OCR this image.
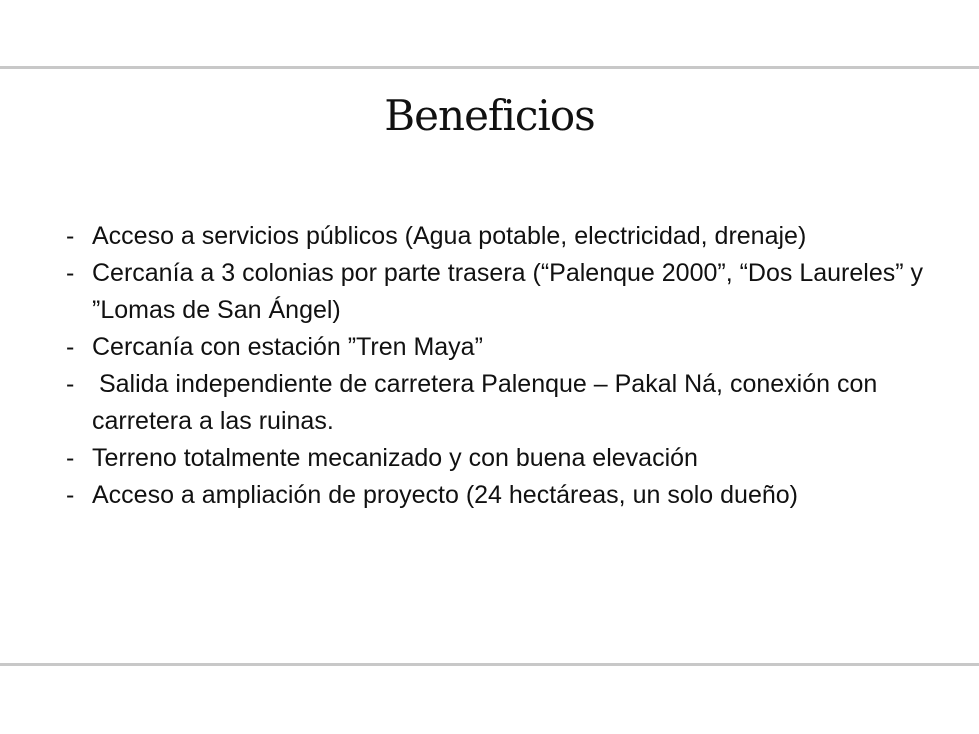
Beneficios
- Acceso a servicios públicos (Agua potable, electricidad, drenaje)
- Cercanía a 3 colonias por parte trasera (“Palenque 2000”, “Dos Laureles” y ”Lomas de San Ángel)
- Cercanía con estación ”Tren Maya”
- Salida independiente de carretera Palenque – Pakal Ná, conexión con carretera a las ruinas.
- Terreno totalmente mecanizado y con buena elevación
- Acceso a ampliación de proyecto (24 hectáreas, un solo dueño)
